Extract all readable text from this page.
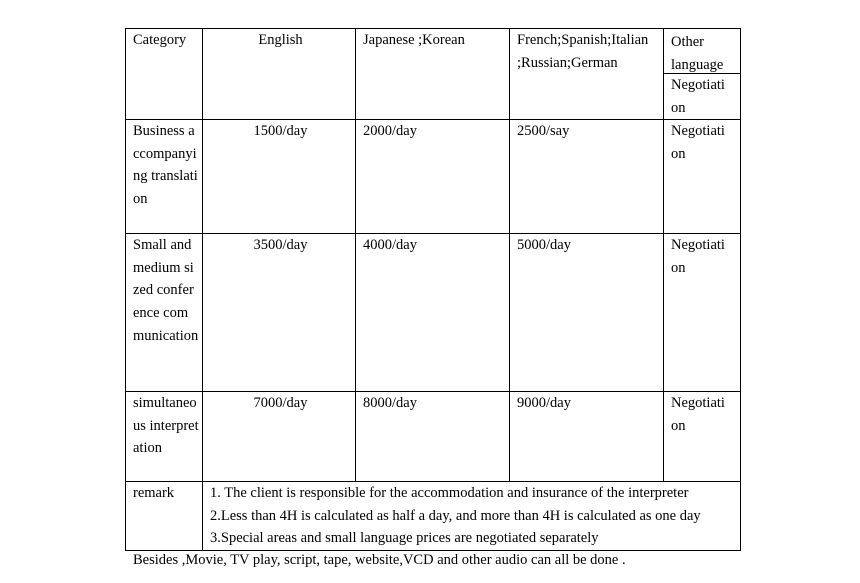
Category	English	Japanese ;Korean	French;Spanish;Italian ;Russian;German	Other language
Negotiation

Business accompanying translation	1500/day	2000/day	2500/say	Negotiation

Small and medium sized conference communication	3500/day	4000/day	5000/day	Negotiation

simultaneous interpretation	7000/day	8000/day	9000/day	Negotiation

remark	1. The client is responsible for the accommodation and insurance of the interpreter
2.Less than 4H is calculated as half a day, and more than 4H is calculated as one day
3.Special areas and small language prices are negotiated separately			
Besides ,Movie, TV play, script, tape, website,VCD and other audio can all be done .
